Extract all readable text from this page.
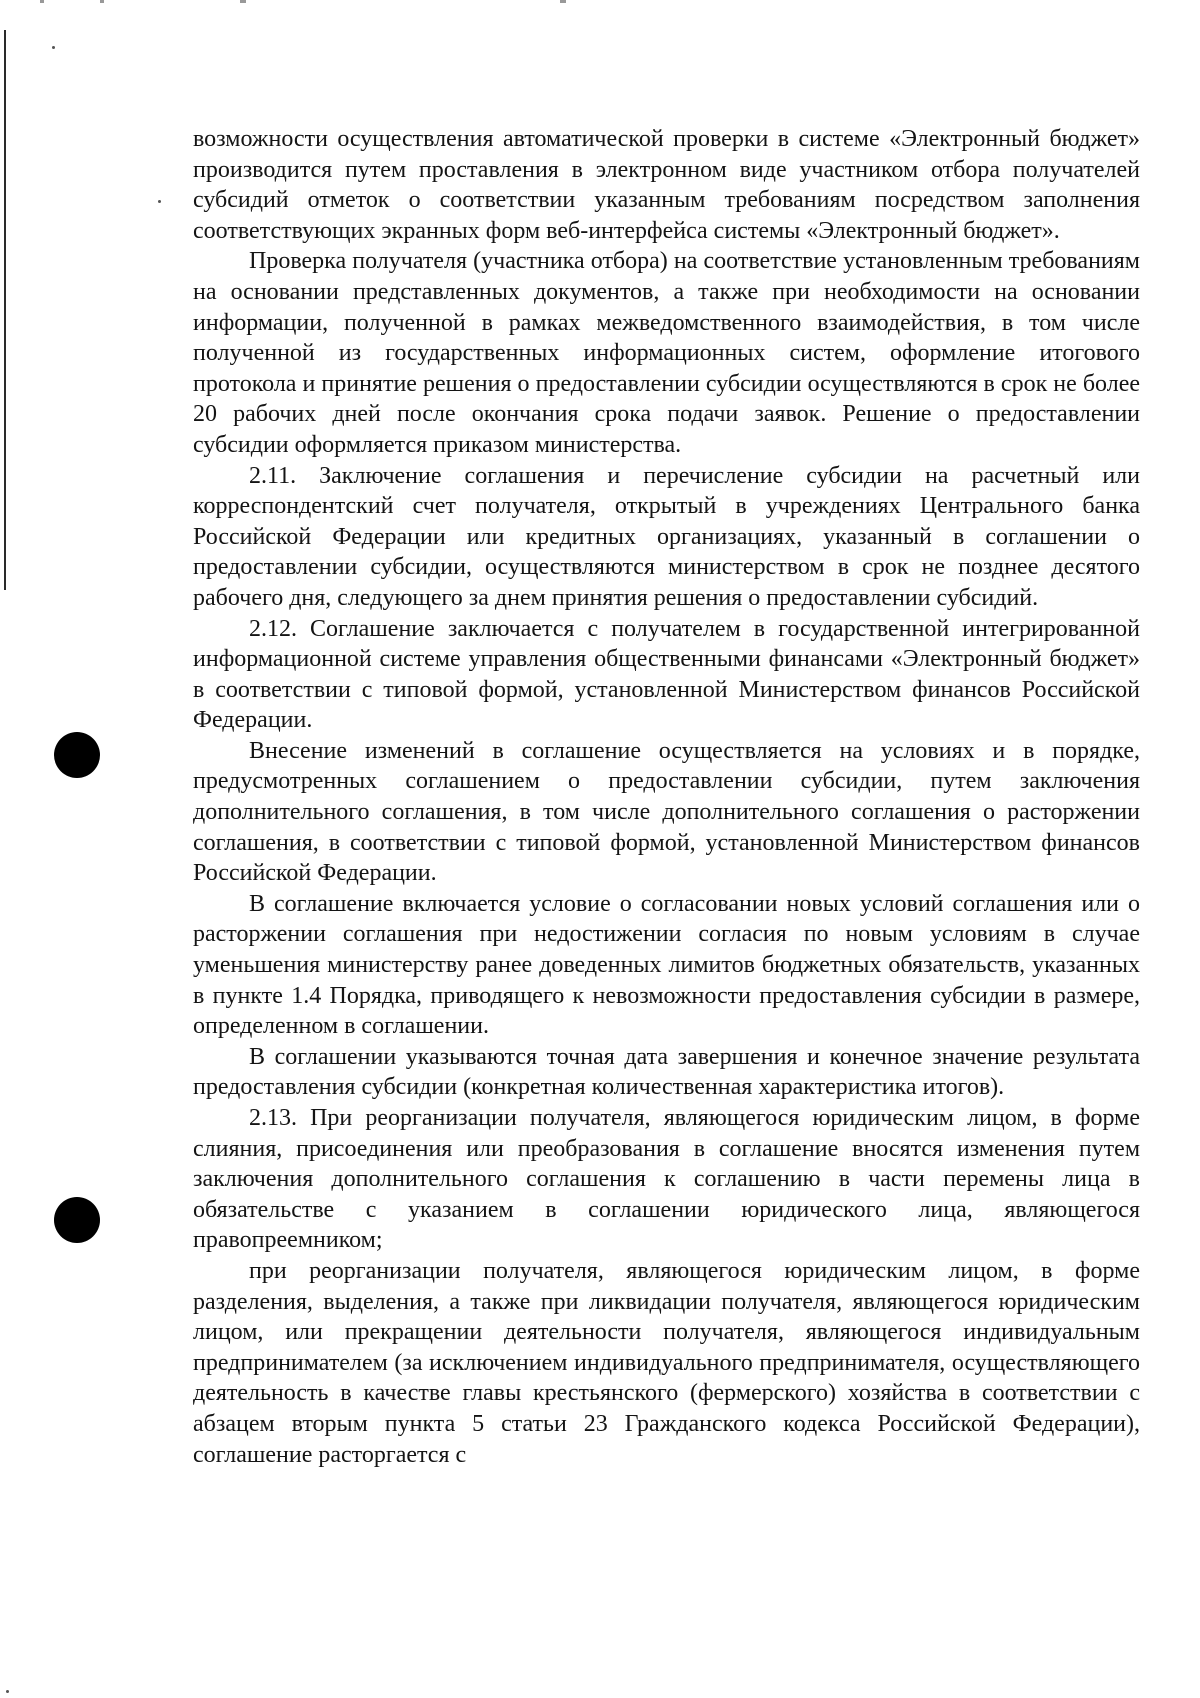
возможности осуществления автоматической проверки в системе «Электронный бюджет» производится путем проставления в электронном виде участником отбора получателей субсидий отметок о соответствии указанным требованиям посредством заполнения соответствующих экранных форм веб-интерфейса системы «Электронный бюджет».

Проверка получателя (участника отбора) на соответствие установленным требованиям на основании представленных документов, а также при необходимости на основании информации, полученной в рамках межведомственного взаимодействия, в том числе полученной из государственных информационных систем, оформление итогового протокола и принятие решения о предоставлении субсидии осуществляются в срок не более 20 рабочих дней после окончания срока подачи заявок. Решение о предоставлении субсидии оформляется приказом министерства.

2.11. Заключение соглашения и перечисление субсидии на расчетный или корреспондентский счет получателя, открытый в учреждениях Центрального банка Российской Федерации или кредитных организациях, указанный в соглашении о предоставлении субсидии, осуществляются министерством в срок не позднее десятого рабочего дня, следующего за днем принятия решения о предоставлении субсидий.

2.12. Соглашение заключается с получателем в государственной интегрированной информационной системе управления общественными финансами «Электронный бюджет» в соответствии с типовой формой, установленной Министерством финансов Российской Федерации.

Внесение изменений в соглашение осуществляется на условиях и в порядке, предусмотренных соглашением о предоставлении субсидии, путем заключения дополнительного соглашения, в том числе дополнительного соглашения о расторжении соглашения, в соответствии с типовой формой, установленной Министерством финансов Российской Федерации.

В соглашение включается условие о согласовании новых условий соглашения или о расторжении соглашения при недостижении согласия по новым условиям в случае уменьшения министерству ранее доведенных лимитов бюджетных обязательств, указанных в пункте 1.4 Порядка, приводящего к невозможности предоставления субсидии в размере, определенном в соглашении.

В соглашении указываются точная дата завершения и конечное значение результата предоставления субсидии (конкретная количественная характеристика итогов).

2.13. При реорганизации получателя, являющегося юридическим лицом, в форме слияния, присоединения или преобразования в соглашение вносятся изменения путем заключения дополнительного соглашения к соглашению в части перемены лица в обязательстве с указанием в соглашении юридического лица, являющегося правопреемником;

при реорганизации получателя, являющегося юридическим лицом, в форме разделения, выделения, а также при ликвидации получателя, являющегося юридическим лицом, или прекращении деятельности получателя, являющегося индивидуальным предпринимателем (за исключением индивидуального предпринимателя, осуществляющего деятельность в качестве главы крестьянского (фермерского) хозяйства в соответствии с абзацем вторым пункта 5 статьи 23 Гражданского кодекса Российской Федерации), соглашение расторгается с
